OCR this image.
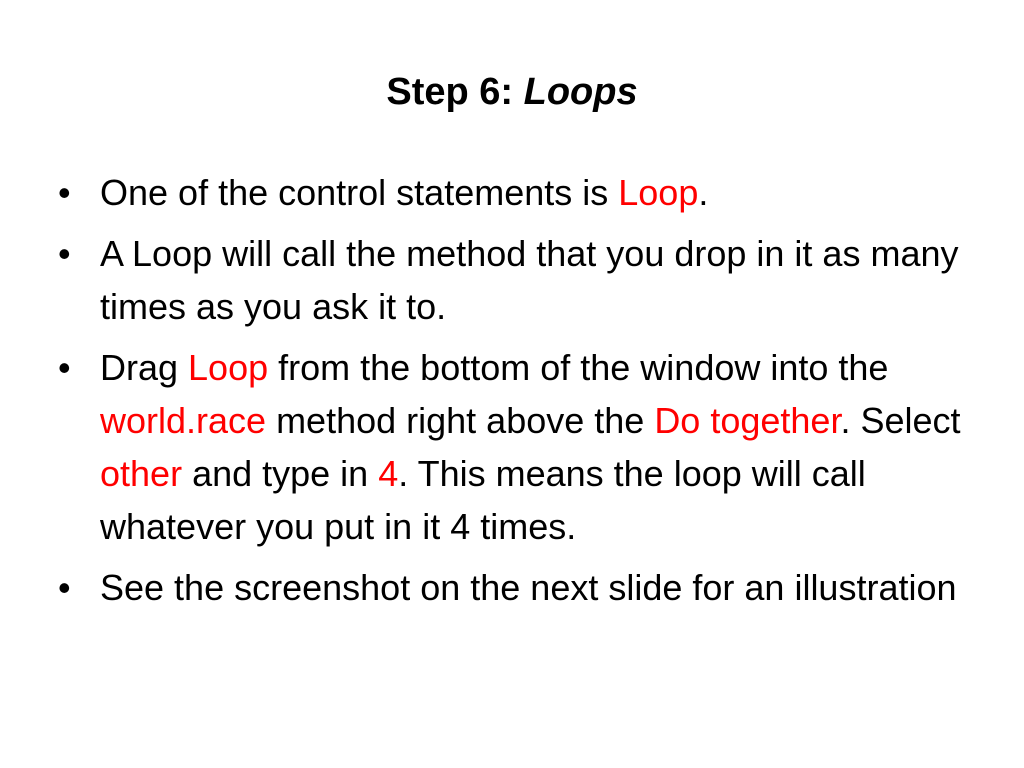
Step 6: Loops
• One of the control statements is Loop.
• A Loop will call the method that you drop in it as many times as you ask it to.
• Drag Loop from the bottom of the window into the world.race method right above the Do together. Select other and type in 4. This means the loop will call whatever you put in it 4 times.
• See the screenshot on the next slide for an illustration
